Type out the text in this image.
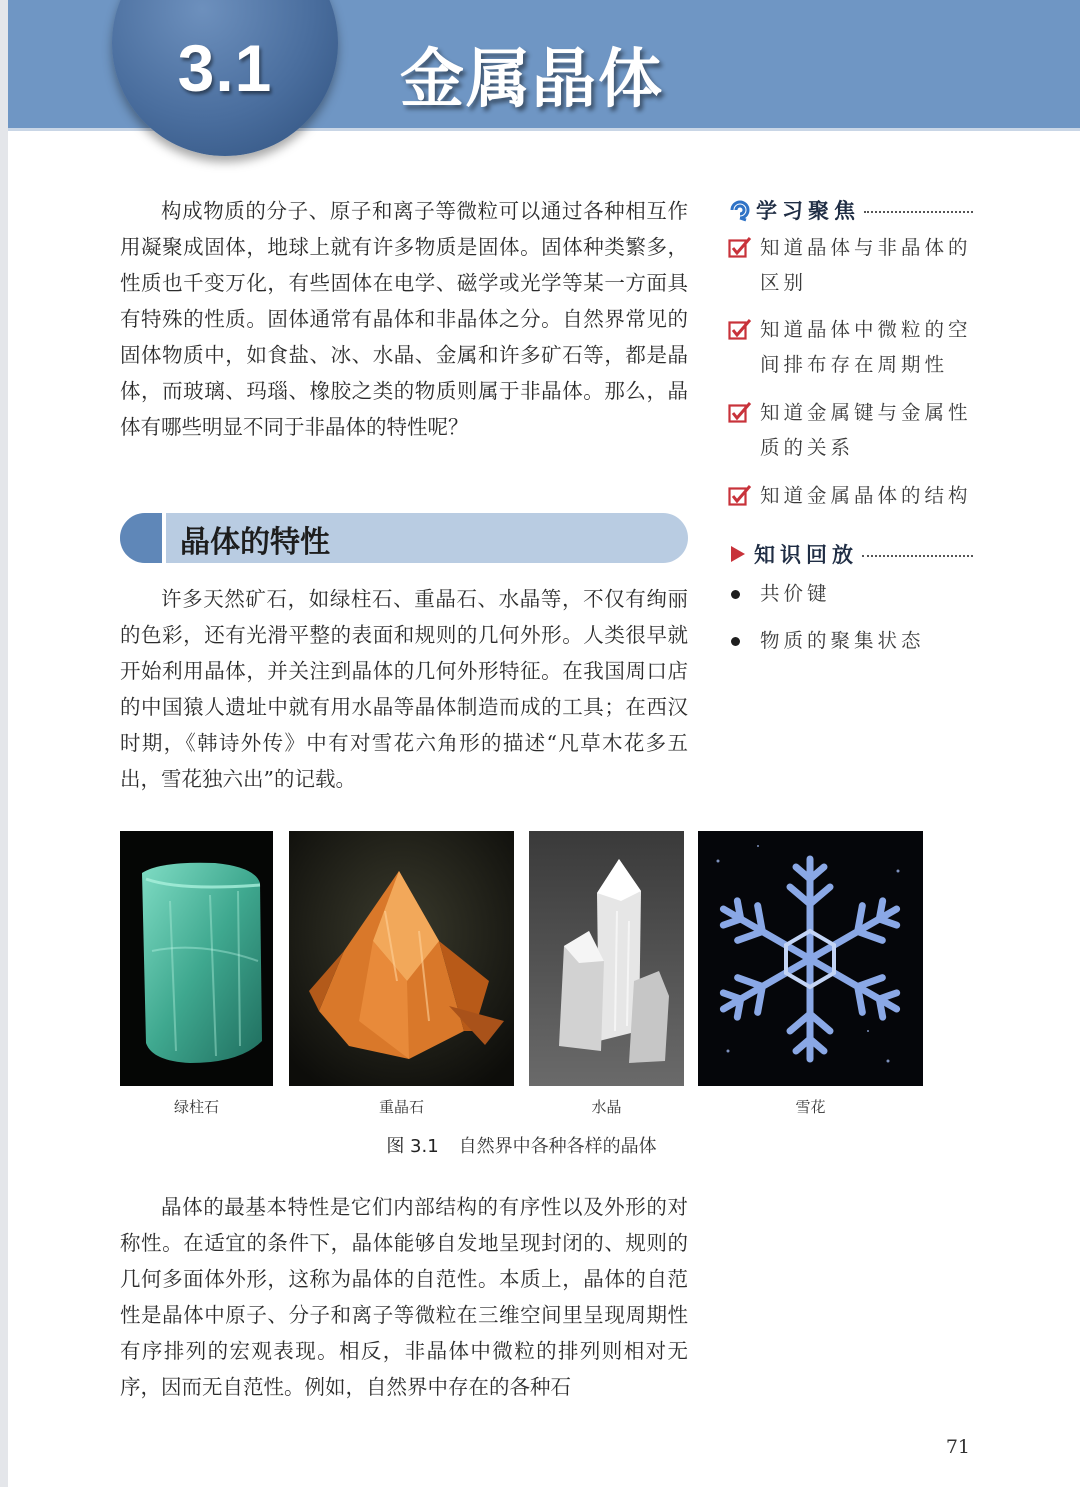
3.1	金属晶体

构成物质的分子、原子和离子等微粒可以通过各种相互作用凝聚成固体，地球上就有许多物质是固体。固体种类繁多，性质也千变万化，有些固体在电学、磁学或光学等某一方面具有特殊的性质。固体通常有晶体和非晶体之分。自然界常见的固体物质中，如食盐、冰、水晶、金属和许多矿石等，都是晶体，而玻璃、玛瑙、橡胶之类的物质则属于非晶体。那么，晶体有哪些明显不同于非晶体的特性呢？

晶体的特性

许多天然矿石，如绿柱石、重晶石、水晶等，不仅有绚丽的色彩，还有光滑平整的表面和规则的几何外形。人类很早就开始利用晶体，并关注到晶体的几何外形特征。在我国周口店的中国猿人遗址中就有用水晶等晶体制造而成的工具；在西汉时期，《韩诗外传》中有对雪花六角形的描述“凡草木花多五出，雪花独六出”的记载。

学习聚焦
知道晶体与非晶体的区别
知道晶体中微粒的空间排布存在周期性
知道金属键与金属性质的关系
知道金属晶体的结构
知识回放
共价键
物质的聚集状态
绿柱石	重晶石	水晶	雪花
图 3.1 自然界中各种各样的晶体

晶体的最基本特性是它们内部结构的有序性以及外形的对称性。在适宜的条件下，晶体能够自发地呈现封闭的、规则的几何多面体外形，这称为晶体的自范性。本质上，晶体的自范性是晶体中原子、分子和离子等微粒在三维空间里呈现周期性有序排列的宏观表现。相反，非晶体中微粒的排列则相对无序，因而无自范性。例如，自然界中存在的各种石

71
